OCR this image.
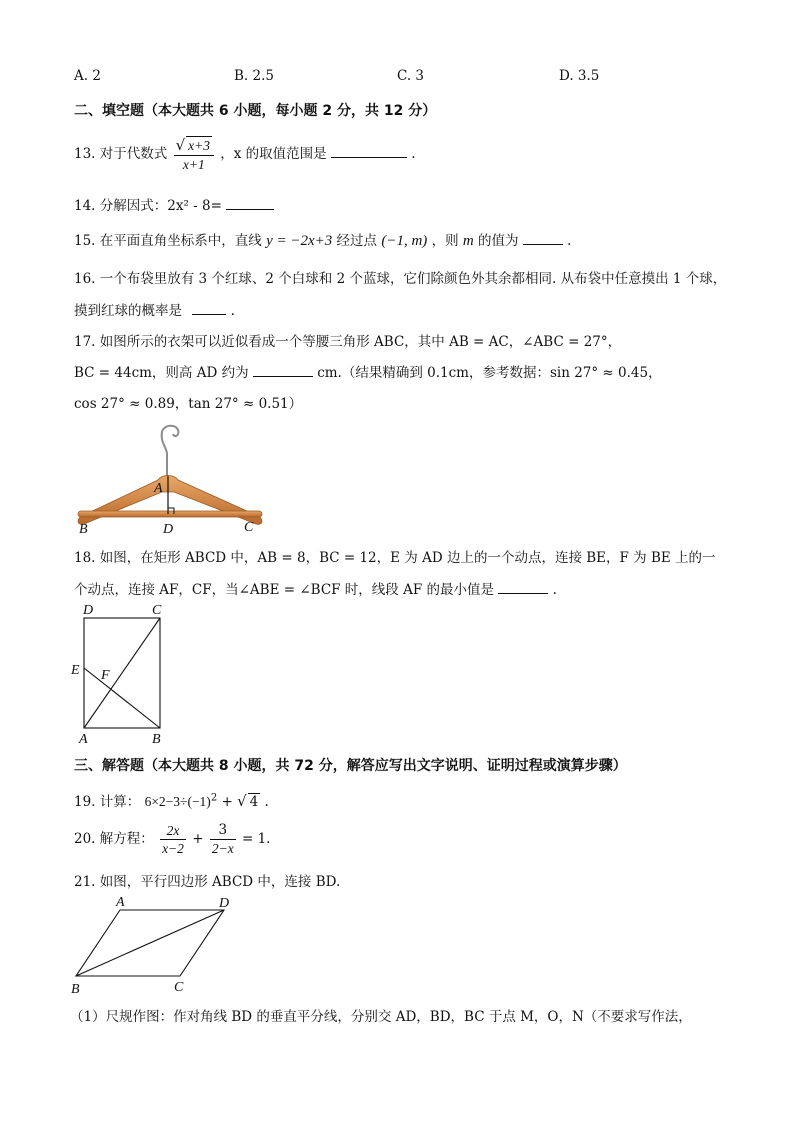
A. 2	B. 2.5	C. 3	D. 3.5
二、填空题（本大题共 6 小题，每小题 2 分，共 12 分）
13. 对于代数式 $\frac{√ x+3}{x+1}$ ，x 的取值范围是	.
14. 分解因式：2x² - 8=
15. 在平面直角坐标系中，直线 y = −2x+3 经过点 (−1, m) ，则 m 的值为	.
16. 一个布袋里放有 3 个红球、2 个白球和 2 个蓝球，它们除颜色外其余都相同. 从布袋中任意摸出 1 个球，
摸到红球的概率是	.
17. 如图所示的衣架可以近似看成一个等腰三角形 ABC，其中 AB = AC，∠ABC = 27°，
BC = 44cm，则高 AD 约为	cm.（结果精确到 0.1cm，参考数据：sin 27° ≈ 0.45，
cos 27° ≈ 0.89，tan 27° ≈ 0.51）
A
B	D	C
18. 如图，在矩形 ABCD 中，AB = 8，BC = 12，E 为 AD 边上的一个动点，连接 BE，F 为 BE 上的一
个动点，连接 AF，CF，当∠ABE = ∠BCF 时，线段 AF 的最小值是	.
D	C
E F
A	B
三、解答题（本大题共 8 小题，共 72 分，解答应写出文字说明、证明过程或演算步骤）
19. 计算： $6\times 2-3\div(-1)^2$ + √ 4 .
20. 解方程： $\frac{2x}{x-2} + \frac{3}{2-x} = 1$.
21. 如图，平行四边形 ABCD 中，连接 BD.
A	D
B	C
（1）尺规作图：作对角线 BD 的垂直平分线，分别交 AD，BD，BC 于点 M，O，N（不要求写作法，
